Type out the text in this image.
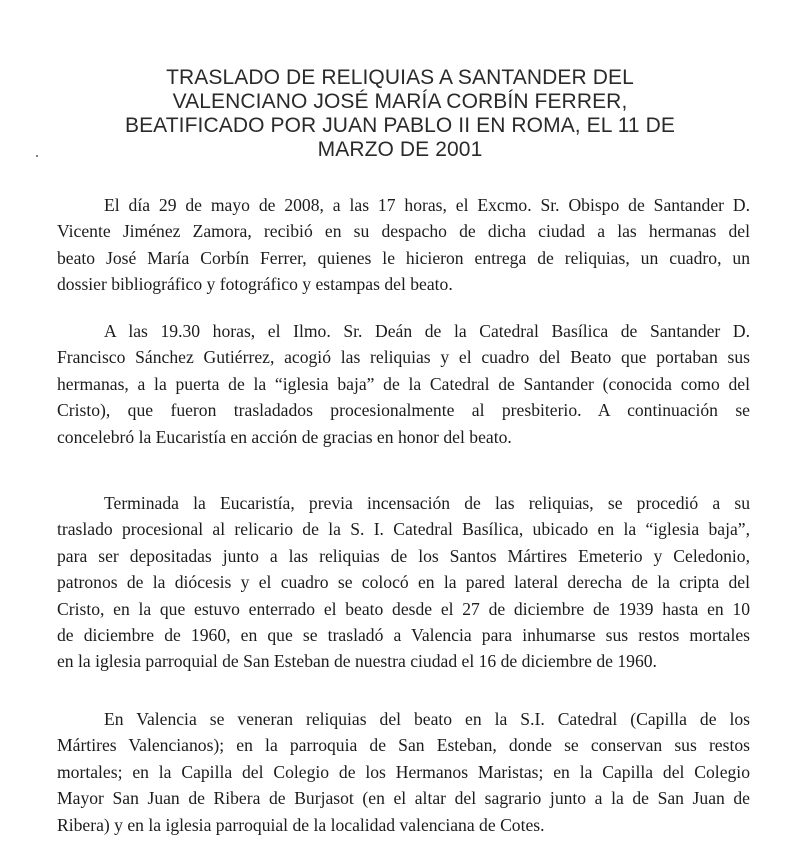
TRASLADO DE RELIQUIAS A SANTANDER DEL
VALENCIANO JOSÉ MARÍA CORBÍN FERRER,
BEATIFICADO POR JUAN PABLO II EN ROMA, EL 11 DE
MARZO DE 2001
El día 29 de mayo de 2008, a las 17 horas, el Excmo. Sr. Obispo de Santander D.
Vicente Jiménez Zamora, recibió en su despacho de dicha ciudad a las hermanas del
beato José María Corbín Ferrer, quienes le hicieron entrega de reliquias, un cuadro, un
dossier bibliográfico y fotográfico y estampas del beato.
A las 19.30 horas, el Ilmo. Sr. Deán de la Catedral Basílica de Santander D.
Francisco Sánchez Gutiérrez, acogió las reliquias y el cuadro del Beato que portaban sus
hermanas, a la puerta de la “iglesia baja” de la Catedral de Santander (conocida como del
Cristo), que fueron trasladados procesionalmente al presbiterio. A continuación se
concelebró la Eucaristía en acción de gracias en honor del beato.
Terminada la Eucaristía, previa incensación de las reliquias, se procedió a su
traslado procesional al relicario de la S. I. Catedral Basílica, ubicado en la “iglesia baja”,
para ser depositadas junto a las reliquias de los Santos Mártires Emeterio y Celedonio,
patronos de la diócesis y el cuadro se colocó en la pared lateral derecha de la cripta del
Cristo, en la que estuvo enterrado el beato desde el 27 de diciembre de 1939 hasta en 10
de diciembre de 1960, en que se trasladó a Valencia para inhumarse sus restos mortales
en la iglesia parroquial de San Esteban de nuestra ciudad el 16 de diciembre de 1960.
En Valencia se veneran reliquias del beato en la S.I. Catedral (Capilla de los
Mártires Valencianos); en la parroquia de San Esteban, donde se conservan sus restos
mortales; en la Capilla del Colegio de los Hermanos Maristas; en la Capilla del Colegio
Mayor San Juan de Ribera de Burjasot (en el altar del sagrario junto a la de San Juan de
Ribera) y en la iglesia parroquial de la localidad valenciana de Cotes.
